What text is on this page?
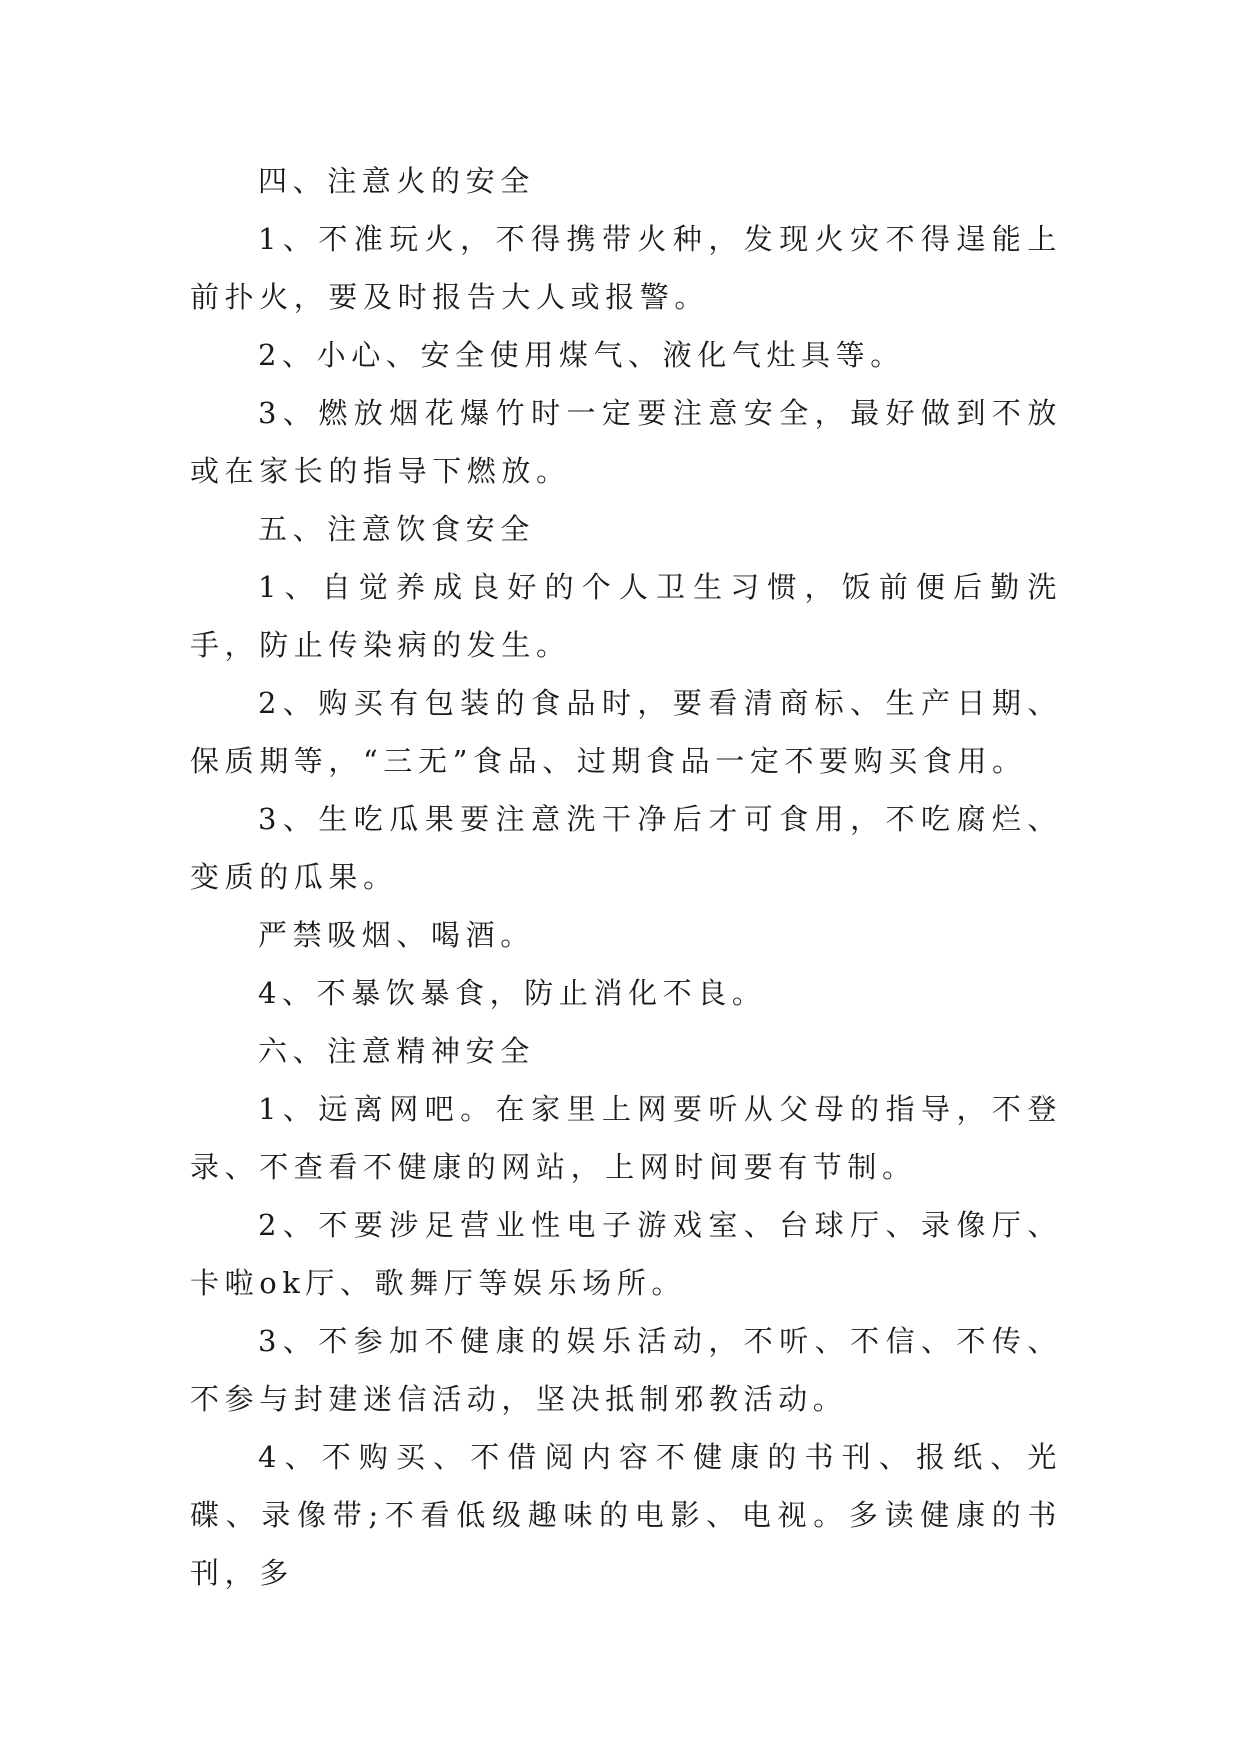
四、注意火的安全

1、不准玩火，不得携带火种，发现火灾不得逞能上前扑火，要及时报告大人或报警。

2、小心、安全使用煤气、液化气灶具等。

3、燃放烟花爆竹时一定要注意安全，最好做到不放或在家长的指导下燃放。

五、注意饮食安全

1、自觉养成良好的个人卫生习惯，饭前便后勤洗手，防止传染病的发生。

2、购买有包装的食品时，要看清商标、生产日期、保质期等，“三无”食品、过期食品一定不要购买食用。

3、生吃瓜果要注意洗干净后才可食用，不吃腐烂、变质的瓜果。

严禁吸烟、喝酒。

4、不暴饮暴食，防止消化不良。

六、注意精神安全

1、远离网吧。在家里上网要听从父母的指导，不登录、不查看不健康的网站，上网时间要有节制。

2、不要涉足营业性电子游戏室、台球厅、录像厅、卡啦ok厅、歌舞厅等娱乐场所。

3、不参加不健康的娱乐活动，不听、不信、不传、不参与封建迷信活动，坚决抵制邪教活动。

4、不购买、不借阅内容不健康的书刊、报纸、光碟、录像带;不看低级趣味的电影、电视。多读健康的书刊，多
